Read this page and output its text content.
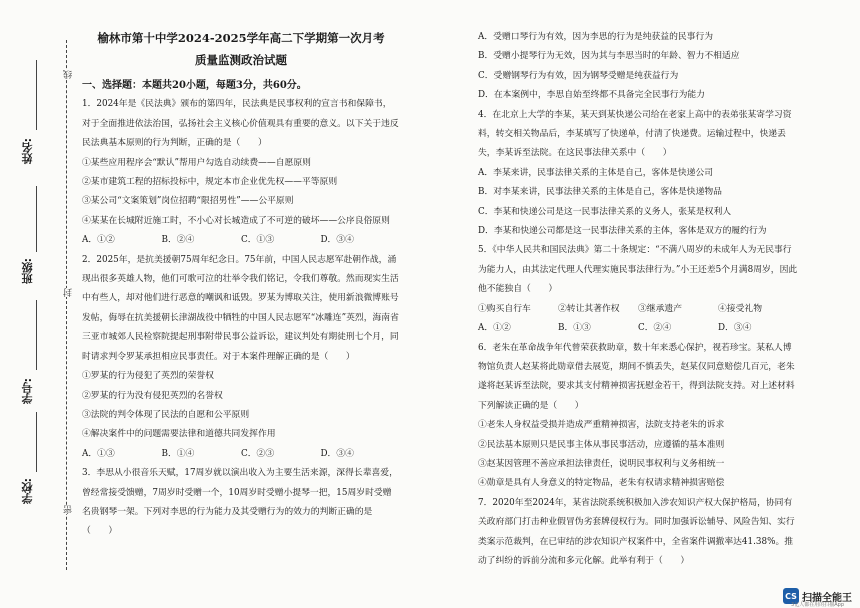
线
封
密
姓名:
班级:
学号:
学校:
榆林市第十中学2024-2025学年高二下学期第一次月考
质量监测政治试题

一、选择题：本题共20小题，每题3分，共60分。

1．2024年是《民法典》颁布的第四年，民法典是民事权利的宣言书和保障书，对于全面推进依法治国，弘扬社会主义核心价值观具有重要的意义。以下关于违反民法典基本原则的行为判断，正确的是（　　）

①某些应用程序会“默认”帮用户勾选自动续费——自愿原则

②某市建筑工程的招标投标中，规定本市企业优先权——平等原则

③某公司“文案策划”岗位招聘“限招男性”——公平原则

④某某在长城附近施工时，不小心对长城造成了不可逆的破坏——公序良俗原则

A．①②	B．②④	C．①③	D．③④

2．2025年，是抗美援朝75周年纪念日。75年前，中国人民志愿军赴朝作战，涌现出很多英雄人物，他们可歌可泣的壮举令我们铭记，令我们尊敬。然而现实生活中有些人，却对他们进行恶意的嘲讽和诋毁。罗某为博取关注，使用新浪微博账号发帖，侮辱在抗美援朝长津湖战役中牺牲的中国人民志愿军“冰雕连”英烈，海南省三亚市城郊人民检察院提起刑事附带民事公益诉讼，建议判处有期徒刑七个月，同时请求判令罗某承担相应民事责任。对于本案件理解正确的是（　　）

①罗某的行为侵犯了英烈的荣誉权

②罗某的行为没有侵犯英烈的名誉权

③法院的判令体现了民法的自愿和公平原则

④解决案件中的问题需要法律和道德共同发挥作用

A．①③	B．①④	C．②③	D．③④

3．李思从小很音乐天赋，17周岁就以演出收入为主要生活来源，深得长辈喜爱，曾经常接受馈赠，7周岁时受赠一个，10周岁时受赠小提琴一把，15周岁时受赠名贵钢琴一架。下列对李思的行为能力及其受赠行为的效力的判断正确的是（　　）

A．受赠口琴行为有效，因为李思的行为是纯获益的民事行为

B．受赠小提琴行为无效，因为其与李思当时的年龄、智力不相适应

C．受赠钢琴行为有效，因为钢琴受赠是纯获益行为

D．在本案例中，李思自始至终都不具备完全民事行为能力

4．在北京上大学的李某，某天到某快递公司给在老家上高中的表弟张某寄学习资料，转交相关物品后，李某填写了快递单，付清了快递费。运输过程中，快递丢失，李某诉至法院。在这民事法律关系中（　　）

A．李某来讲，民事法律关系的主体是自己，客体是快递公司

B．对李某来讲，民事法律关系的主体是自己，客体是快递物品

C．李某和快递公司是这一民事法律关系的义务人，张某是权利人

D．李某和快递公司都是这一民事法律关系的主体，客体是双方的履约行为

5．《中华人民共和国民法典》第二十条规定：“不满八周岁的未成年人为无民事行为能力人，由其法定代理人代理实施民事法律行为。”小王还差5个月满8周岁，因此他不能独自（　　）

①购买自行车	②转让其著作权	③继承遗产	④接受礼物
A．①②	B．①③	C．②④	D．③④

6．老朱在革命战争年代曾荣获救助章，数十年来悉心保护，视若珍宝。某私人博物馆负责人赵某将此勋章借去展览，期间不慎丢失，赵某仅同意赔偿几百元，老朱遂将赵某诉至法院，要求其支付精神损害抚慰金若干，得到法院支持。对上述材料下列解读正确的是（　　）

①老朱人身权益受损并造成严重精神损害，法院支持老朱的诉求

②民法基本原则只是民事主体从事民事活动，应遵循的基本准则

③赵某因管理不善应承担法律责任，说明民事权利与义务相统一

④勋章是具有人身意义的特定物品，老朱有权请求精神损害赔偿

7．2020年至2024年，某省法院系统积极加入涉农知识产权大保护格局，协同有关政府部门打击种业假冒伪劣套牌侵权行为。同时加强诉讼辅导、风险告知、实行类案示范裁判，在已审结的涉农知识产权案件中，全省案件调撤率达41.38%。推动了纠纷的诉前分流和多元化解。此举有利于（　　）

CS 扫描全能王
3亿人都在用的扫描App
